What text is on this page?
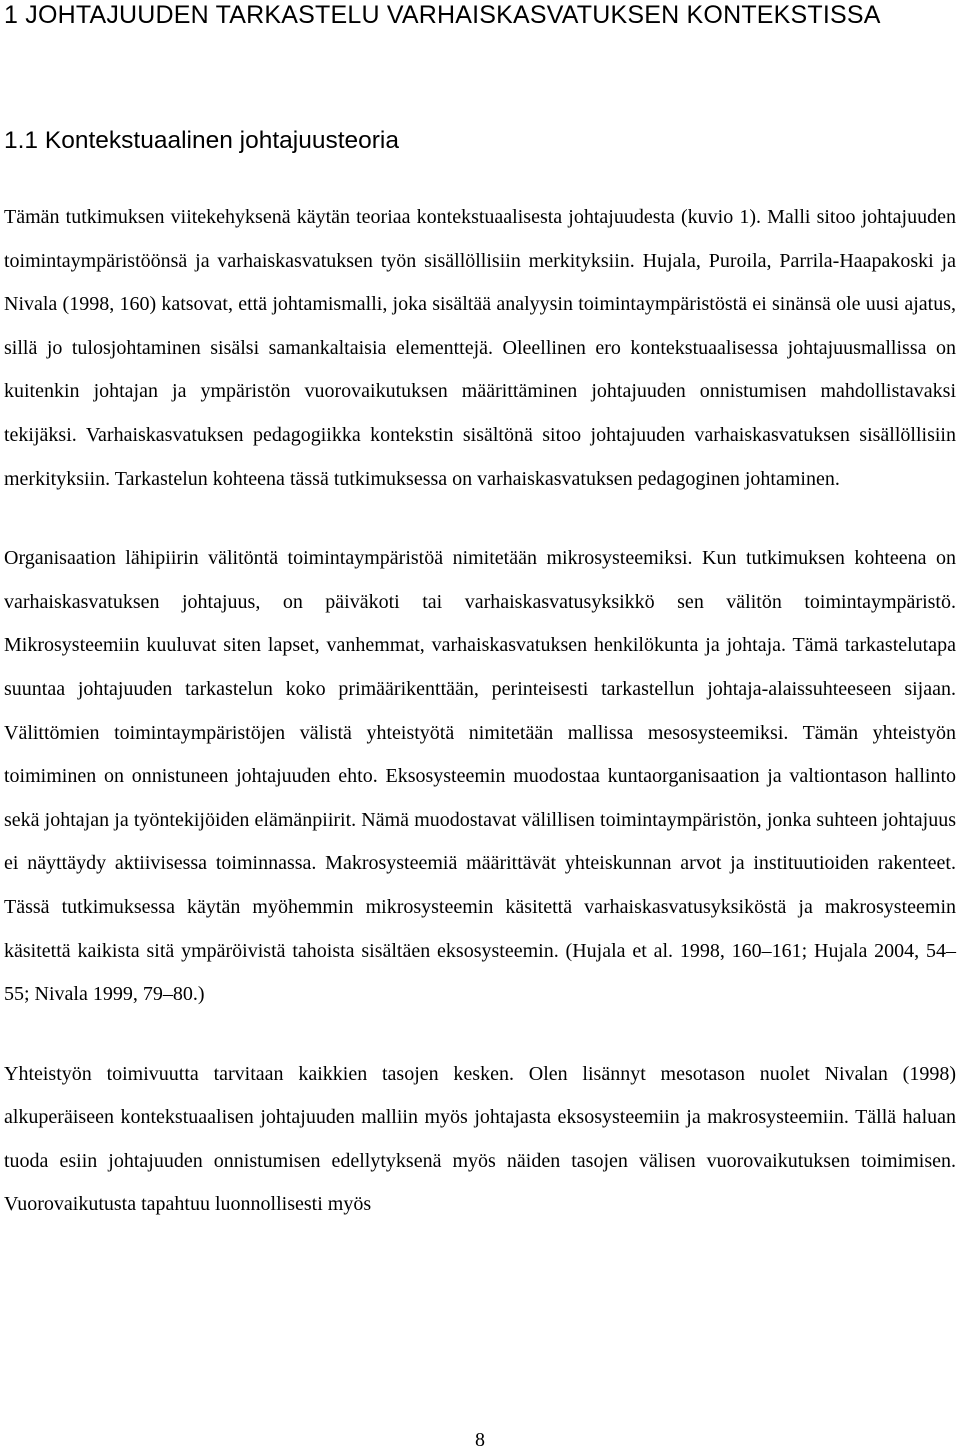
1 JOHTAJUUDEN TARKASTELU VARHAISKASVATUKSEN KONTEKSTISSA
1.1 Kontekstuaalinen johtajuusteoria

Tämän tutkimuksen viitekehyksenä käytän teoriaa kontekstuaalisesta johtajuudesta (kuvio 1). Malli sitoo johtajuuden toimintaympäristöönsä ja varhaiskasvatuksen työn sisällöllisiin merkityksiin. Hujala, Puroila, Parrila-Haapakoski ja Nivala (1998, 160) katsovat, että johtamismalli, joka sisältää analyysin toimintaympäristöstä ei sinänsä ole uusi ajatus, sillä jo tulosjohtaminen sisälsi samankaltaisia elementtejä. Oleellinen ero kontekstuaalisessa johtajuusmallissa on kuitenkin johtajan ja ympäristön vuorovaikutuksen määrittäminen johtajuuden onnistumisen mahdollistavaksi tekijäksi. Varhaiskasvatuksen pedagogiikka kontekstin sisältönä sitoo johtajuuden varhaiskasvatuksen sisällöllisiin merkityksiin. Tarkastelun kohteena tässä tutkimuksessa on varhaiskasvatuksen pedagoginen johtaminen.

Organisaation lähipiirin välitöntä toimintaympäristöä nimitetään mikrosysteemiksi. Kun tutkimuksen kohteena on varhaiskasvatuksen johtajuus, on päiväkoti tai varhaiskasvatusyksikkö sen välitön toimintaympäristö. Mikrosysteemiin kuuluvat siten lapset, vanhemmat, varhaiskasvatuksen henkilökunta ja johtaja. Tämä tarkastelutapa suuntaa johtajuuden tarkastelun koko primäärikenttään, perinteisesti tarkastellun johtaja-alaissuhteeseen sijaan. Välittömien toimintaympäristöjen välistä yhteistyötä nimitetään mallissa mesosysteemiksi. Tämän yhteistyön toimiminen on onnistuneen johtajuuden ehto. Eksosysteemin muodostaa kuntaorganisaation ja valtiontason hallinto sekä johtajan ja työntekijöiden elämänpiirit. Nämä muodostavat välillisen toimintaympäristön, jonka suhteen johtajuus ei näyttäydy aktiivisessa toiminnassa. Makrosysteemiä määrittävät yhteiskunnan arvot ja instituutioiden rakenteet. Tässä tutkimuksessa käytän myöhemmin mikrosysteemin käsitettä varhaiskasvatusyksiköstä ja makrosysteemin käsitettä kaikista sitä ympäröivistä tahoista sisältäen eksosysteemin. (Hujala et al. 1998, 160–161; Hujala 2004, 54–55; Nivala 1999, 79–80.)

Yhteistyön toimivuutta tarvitaan kaikkien tasojen kesken. Olen lisännyt mesotason nuolet Nivalan (1998) alkuperäiseen kontekstuaalisen johtajuuden malliin myös johtajasta eksosysteemiin ja makrosysteemiin. Tällä haluan tuoda esiin johtajuuden onnistumisen edellytyksenä myös näiden tasojen välisen vuorovaikutuksen toimimisen. Vuorovaikutusta tapahtuu luonnollisesti myös

8
